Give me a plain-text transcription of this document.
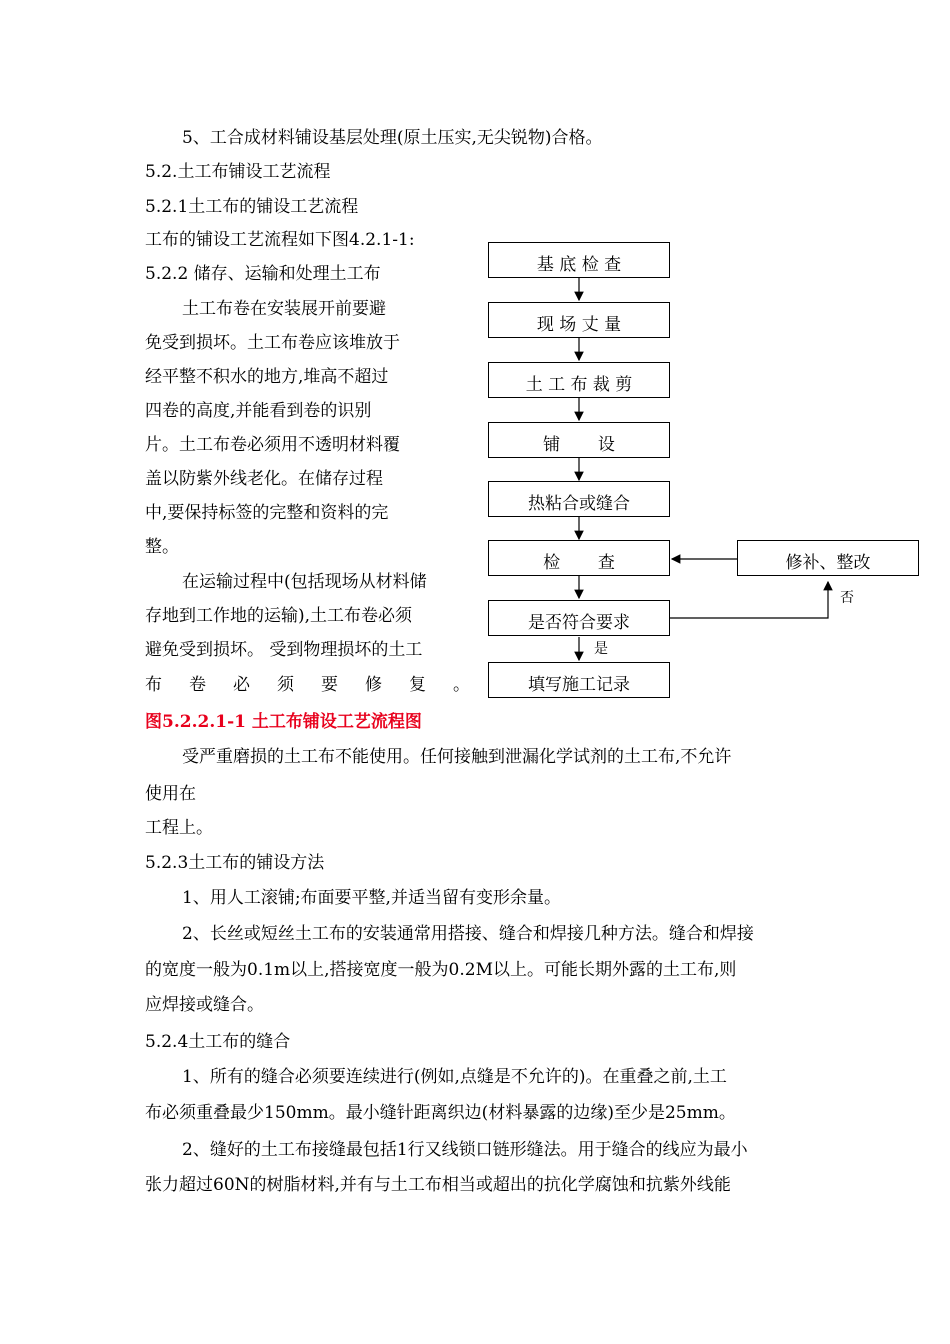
5、工合成材料铺设基层处理(原土压实,无尖锐物)合格。
5.2.土工布铺设工艺流程
5.2.1土工布的铺设工艺流程
工布的铺设工艺流程如下图4.2.1-1:
5.2.2 储存、运输和处理土工布
土工布卷在安装展开前要避
免受到损坏。土工布卷应该堆放于
经平整不积水的地方,堆高不超过
四卷的高度,并能看到卷的识别
片。土工布卷必须用不透明材料覆
盖以防紫外线老化。在储存过程
中,要保持标签的完整和资料的完
整。
在运输过程中(包括现场从材料储
存地到工作地的运输),土工布卷必须
避免受到损坏。 受到物理损坏的土工
布 卷 必 须 要 修 复 。
图5.2.2.1-1 土工布铺设工艺流程图
受严重磨损的土工布不能使用。任何接触到泄漏化学试剂的土工布,不允许
使用在
工程上。
5.2.3土工布的铺设方法
1、用人工滚铺;布面要平整,并适当留有变形余量。
2、长丝或短丝土工布的安装通常用搭接、缝合和焊接几种方法。缝合和焊接
的宽度一般为0.1m以上,搭接宽度一般为0.2M以上。可能长期外露的土工布,则
应焊接或缝合。
5.2.4土工布的缝合
1、所有的缝合必须要连续进行(例如,点缝是不允许的)。在重叠之前,土工
布必须重叠最少150mm。最小缝针距离织边(材料暴露的边缘)至少是25mm。
2、缝好的土工布接缝最包括1行又线锁口链形缝法。用于缝合的线应为最小
张力超过60N的树脂材料,并有与土工布相当或超出的抗化学腐蚀和抗紫外线能
基 底 检 查
现 场 丈 量
土 工 布 裁 剪
铺       设
热粘合或缝合
检       查
是否符合要求
填写施工记录
修补、整改
否
是
